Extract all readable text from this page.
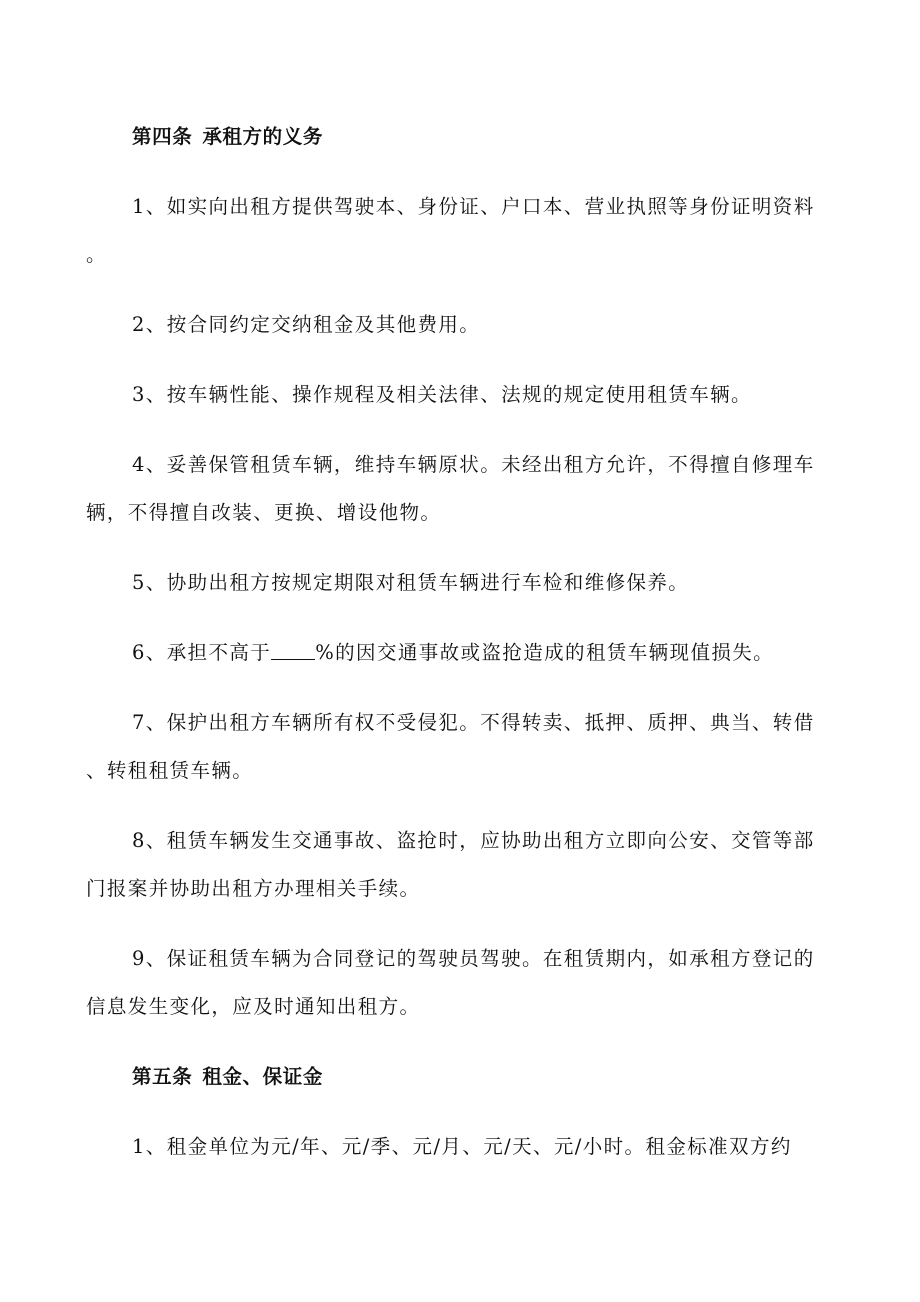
第四条 承租方的义务
1、如实向出租方提供驾驶本、身份证、户口本、营业执照等身份证明资料
。
2、按合同约定交纳租金及其他费用。
3、按车辆性能、操作规程及相关法律、法规的规定使用租赁车辆。
4、妥善保管租赁车辆，维持车辆原状。未经出租方允许，不得擅自修理车
辆，不得擅自改装、更换、增设他物。
5、协助出租方按规定期限对租赁车辆进行车检和维修保养。
6、承担不高于 %的因交通事故或盗抢造成的租赁车辆现值损失。
7、保护出租方车辆所有权不受侵犯。不得转卖、抵押、质押、典当、转借
、转租租赁车辆。
8、租赁车辆发生交通事故、盗抢时，应协助出租方立即向公安、交管等部
门报案并协助出租方办理相关手续。
9、保证租赁车辆为合同登记的驾驶员驾驶。在租赁期内，如承租方登记的
信息发生变化，应及时通知出租方。
第五条 租金、保证金
1、租金单位为元/年、元/季、元/月、元/天、元/小时。租金标准双方约
